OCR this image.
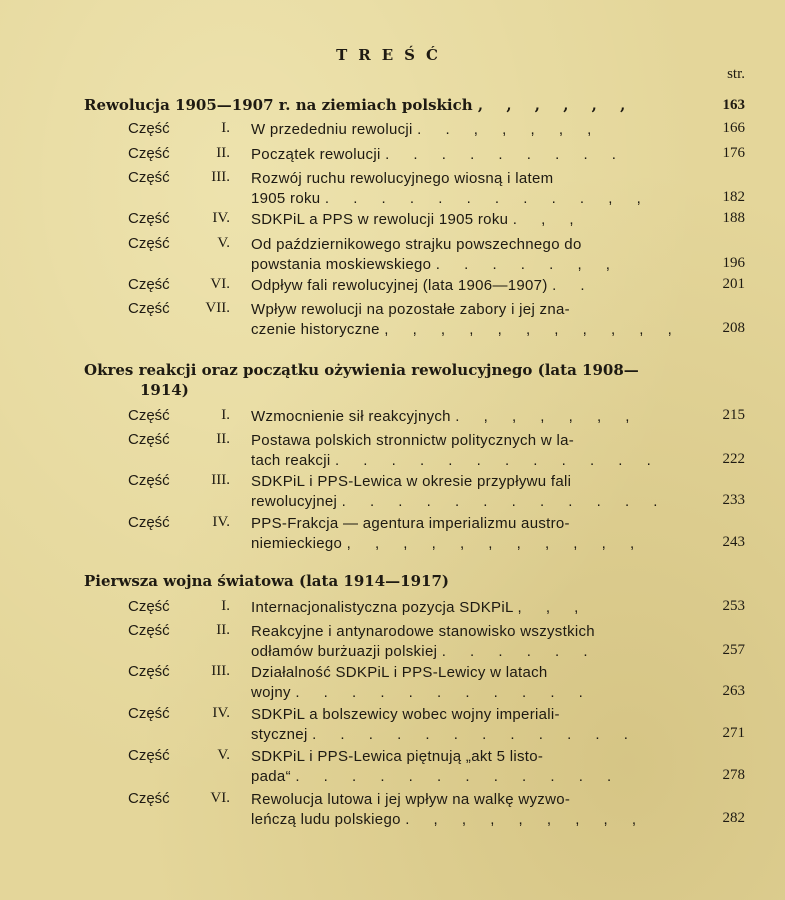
TREŚĆ
str.
Rewolucja 1905—1907 r. na ziemiach polskich , , , , , ,	163
Część	I. W przededniu rewolucji . . , , , , ,	166
Część	II. Początek rewolucji . . . . . . . . .	176
Część	III. Rozwój ruchu rewolucyjnego wiosną i latem
1905 roku . . . . . . . . . . , ,	182
Część	IV. SDKPiL a PPS w rewolucji 1905 roku . , ,	188
Część	V. Od październikowego strajku powszechnego do
powstania moskiewskiego . . . . . , ,	196
Część	VI. Odpływ fali rewolucyjnej (lata 1906—1907) . .	201
Część	VII. Wpływ rewolucji na pozostałe zabory i jej zna-
czenie historyczne , , , , , , , , , , ,	208
Okres reakcji oraz początku ożywienia rewolucyjnego (lata 1908—
1914)
Część	I. Wzmocnienie sił reakcyjnych . , , , , , ,	215
Część	II. Postawa polskich stronnictw politycznych w la-
tach reakcji . . . . . . . . . . . .	222
Część	III. SDKPiL i PPS-Lewica w okresie przypływu fali
rewolucyjnej . . . . . . . . . . . .	233
Część	IV. PPS-Frakcja — agentura imperializmu austro-
niemieckiego , , , , , , , , , , ,	243
Pierwsza wojna światowa (lata 1914—1917)
Część	I. Internacjonalistyczna pozycja SDKPiL , , ,	253
Część	II. Reakcyjne i antynarodowe stanowisko wszystkich
odłamów burżuazji polskiej . . . . . .	257
Część	III. Działalność SDKPiL i PPS-Lewicy w latach
wojny . . . . . . . . . . .	263
Część	IV. SDKPiL a bolszewicy wobec wojny imperiali-
stycznej . . . . . . . . . . . .	271
Część	V. SDKPiL i PPS-Lewica piętnują „akt 5 listo-
pada“ . . . . . . . . . . . .	278
Część	VI. Rewolucja lutowa i jej wpływ na walkę wyzwo-
leńczą ludu polskiego . , , , , , , , ,	282
